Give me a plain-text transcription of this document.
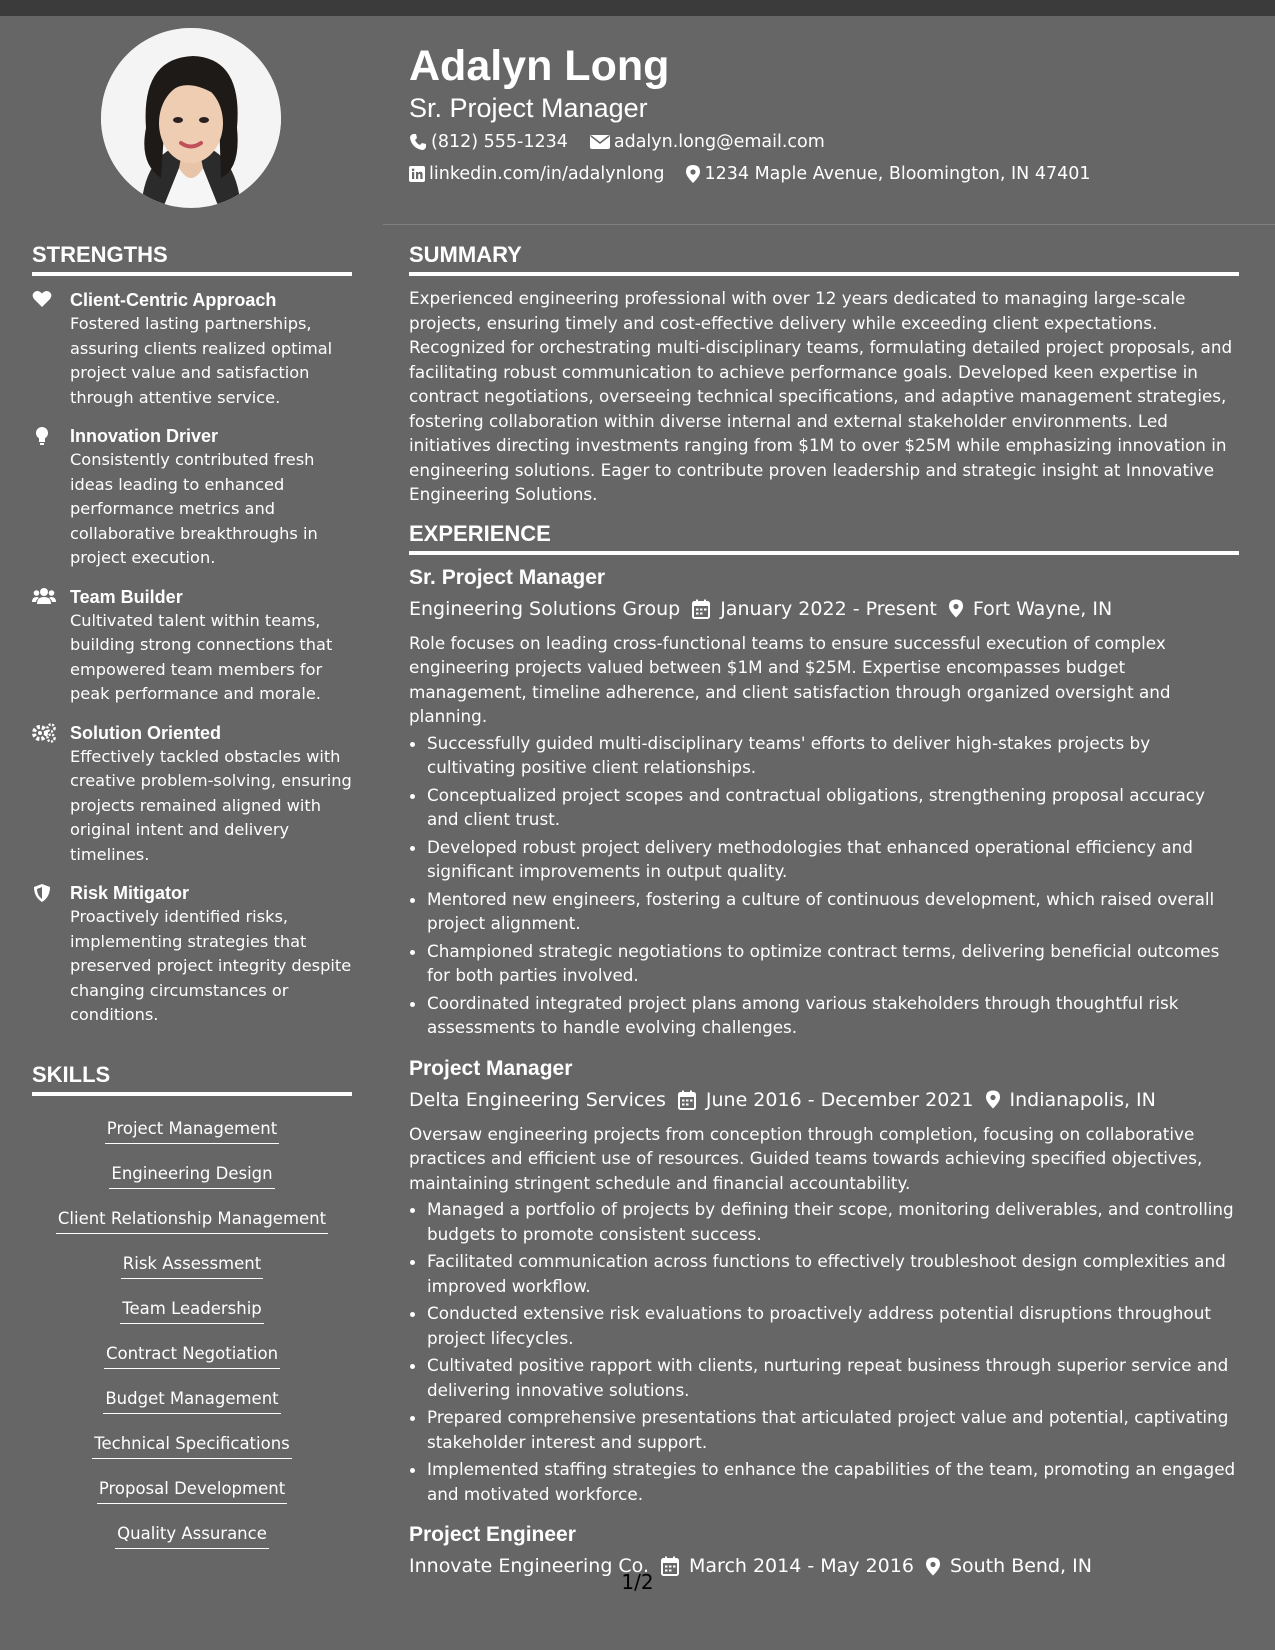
STRENGTHS
Client-Centric Approach
Fostered lasting partnerships, assuring clients realized optimal project value and satisfaction through attentive service.
Innovation Driver
Consistently contributed fresh ideas leading to enhanced performance metrics and collaborative breakthroughs in project execution.
Team Builder
Cultivated talent within teams, building strong connections that empowered team members for peak performance and morale.
Solution Oriented
Effectively tackled obstacles with creative problem-solving, ensuring projects remained aligned with original intent and delivery timelines.
Risk Mitigator
Proactively identified risks, implementing strategies that preserved project integrity despite changing circumstances or conditions.
SKILLS
Project Management
Engineering Design
Client Relationship Management
Risk Assessment
Team Leadership
Contract Negotiation
Budget Management
Technical Specifications
Proposal Development
Quality Assurance
Adalyn Long
Sr. Project Manager
(812) 555-1234	adalyn.long@email.com
linkedin.com/in/adalynlong 1234 Maple Avenue, Bloomington, IN 47401
SUMMARY

Experienced engineering professional with over 12 years dedicated to managing large-scale projects, ensuring timely and cost-effective delivery while exceeding client expectations. Recognized for orchestrating multi-disciplinary teams, formulating detailed project proposals, and facilitating robust communication to achieve performance goals. Developed keen expertise in contract negotiations, overseeing technical specifications, and adaptive management strategies, fostering collaboration within diverse internal and external stakeholder environments. Led initiatives directing investments ranging from $1M to over $25M while emphasizing innovation in engineering solutions. Eager to contribute proven leadership and strategic insight at Innovative Engineering Solutions.

EXPERIENCE
Sr. Project Manager
Engineering Solutions Group January 2022 - Present Fort Wayne, IN
Role focuses on leading cross-functional teams to ensure successful execution of complex engineering projects valued between $1M and $25M. Expertise encompasses budget management, timeline adherence, and client satisfaction through organized oversight and planning.
• Successfully guided multi-disciplinary teams' efforts to deliver high-stakes projects by cultivating positive client relationships.
• Conceptualized project scopes and contractual obligations, strengthening proposal accuracy and client trust.
• Developed robust project delivery methodologies that enhanced operational efficiency and significant improvements in output quality.
• Mentored new engineers, fostering a culture of continuous development, which raised overall project alignment.
• Championed strategic negotiations to optimize contract terms, delivering beneficial outcomes for both parties involved.
• Coordinated integrated project plans among various stakeholders through thoughtful risk assessments to handle evolving challenges.
Project Manager
Delta Engineering Services June 2016 - December 2021 Indianapolis, IN
Oversaw engineering projects from conception through completion, focusing on collaborative practices and efficient use of resources. Guided teams towards achieving specified objectives, maintaining stringent schedule and financial accountability.
• Managed a portfolio of projects by defining their scope, monitoring deliverables, and controlling budgets to promote consistent success.
• Facilitated communication across functions to effectively troubleshoot design complexities and improved workflow.
• Conducted extensive risk evaluations to proactively address potential disruptions throughout project lifecycles.
• Cultivated positive rapport with clients, nurturing repeat business through superior service and delivering innovative solutions.
• Prepared comprehensive presentations that articulated project value and potential, captivating stakeholder interest and support.
• Implemented staffing strategies to enhance the capabilities of the team, promoting an engaged and motivated workforce.
Project Engineer
Innovate Engineering Co. March 2014 - May 2016 South Bend, IN
1/2
